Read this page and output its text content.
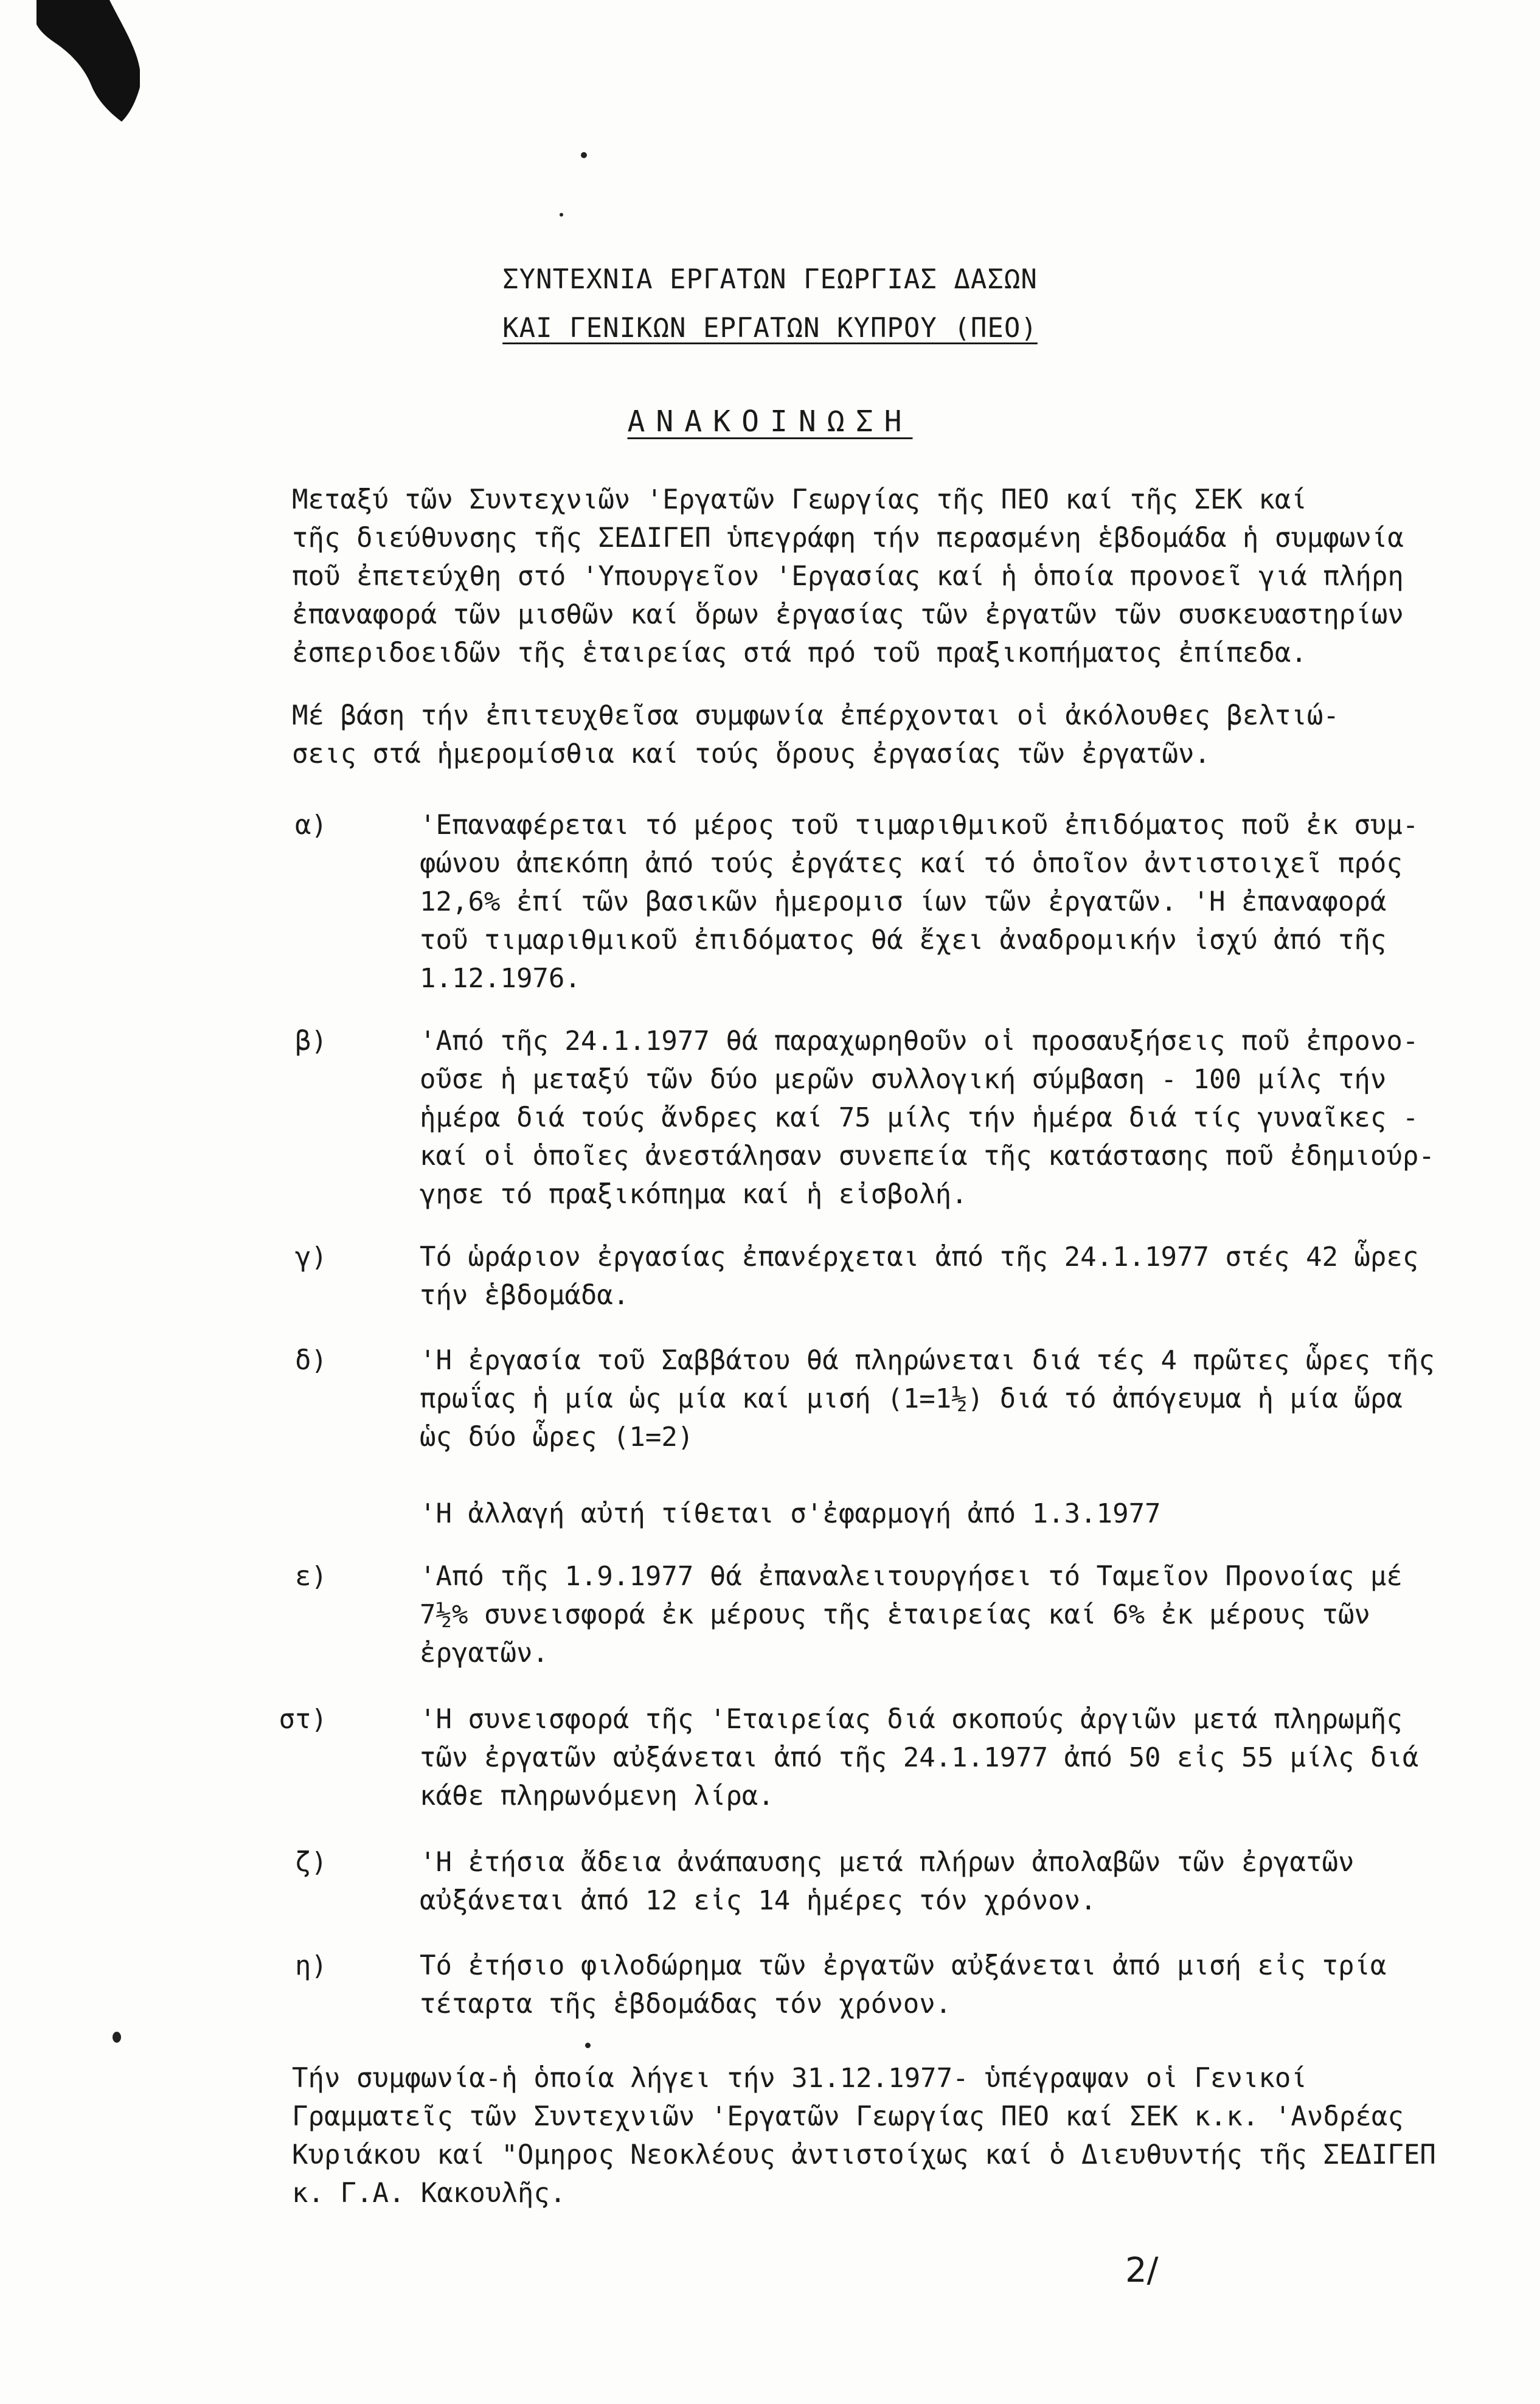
ΣΥΝΤΕΧΝΙΑ ΕΡΓΑΤΩΝ ΓΕΩΡΓΙΑΣ ΔΑΣΩΝ
ΚΑΙ ΓΕΝΙΚΩΝ ΕΡΓΑΤΩΝ ΚΥΠΡΟΥ (ΠΕΟ)
ΑΝΑΚΟΙΝΩΣΗ
Μεταξύ τῶν Συντεχνιῶν 'Εργατῶν Γεωργίας τῆς ΠΕΟ καί τῆς ΣΕΚ καί
τῆς διεύθυνσης τῆς ΣΕΔΙΓΕΠ ὑπεγράφη τήν περασμένη ἑβδομάδα ἡ συμφωνία
ποῦ ἐπετεύχθη στό 'Υπουργεῖον 'Εργασίας καί ἡ ὁποία προνοεῖ γιά πλήρη
ἐπαναφορά τῶν μισθῶν καί ὅρων ἐργασίας τῶν ἐργατῶν τῶν συσκευαστηρίων
ἐσπεριδοειδῶν τῆς ἑταιρείας στά πρό τοῦ πραξικοπήματος ἐπίπεδα.
Μέ βάση τήν ἐπιτευχθεῖσα συμφωνία ἐπέρχονται οἱ ἀκόλουθες βελτιώ-
σεις στά ἡμερομίσθια καί τούς ὅρους ἐργασίας τῶν ἐργατῶν.
α)	'Επαναφέρεται τό μέρος τοῦ τιμαριθμικοῦ ἐπιδόματος ποῦ ἐκ συμ-
φώνου ἀπεκόπη ἀπό τούς ἐργάτες καί τό ὁποῖον ἀντιστοιχεῖ πρός
12,6% ἐπί τῶν βασικῶν ἡμερομισ ίων τῶν ἐργατῶν. 'Η ἐπαναφορά
τοῦ τιμαριθμικοῦ ἐπιδόματος θά ἔχει ἀναδρομικήν ἰσχύ ἀπό τῆς
1.12.1976.
β)	'Από τῆς 24.1.1977 θά παραχωρηθοῦν οἱ προσαυξήσεις ποῦ ἐπρονο-
οῦσε ἡ μεταξύ τῶν δύο μερῶν συλλογική σύμβαση - 100 μίλς τήν
ἡμέρα διά τούς ἄνδρες καί 75 μίλς τήν ἡμέρα διά τίς γυναῖκες -
καί οἱ ὁποῖες ἀνεστάλησαν συνεπεία τῆς κατάστασης ποῦ ἐδημιούρ-
γησε τό πραξικόπημα καί ἡ εἰσβολή.
γ)	Τό ὡράριον ἐργασίας ἐπανέρχεται ἀπό τῆς 24.1.1977 στές 42 ὧρες
τήν ἑβδομάδα.
δ)	'Η ἐργασία τοῦ Σαββάτου θά πληρώνεται διά τές 4 πρῶτες ὧρες τῆς
πρωΐας ἡ μία ὡς μία καί μισή (1=1½) διά τό ἀπόγευμα ἡ μία ὥρα
ὡς δύο ὧρες (1=2)

'Η ἀλλαγή αὐτή τίθεται σ'ἐφαρμογή ἀπό 1.3.1977
ε)	'Από τῆς 1.9.1977 θά ἐπαναλειτουργήσει τό Ταμεῖον Προνοίας μέ
7½% συνεισφορά ἐκ μέρους τῆς ἑταιρείας καί 6% ἐκ μέρους τῶν
ἐργατῶν.
στ)	'Η συνεισφορά τῆς 'Εταιρείας διά σκοπούς ἀργιῶν μετά πληρωμῆς
τῶν ἐργατῶν αὐξάνεται ἀπό τῆς 24.1.1977 ἀπό 50 εἰς 55 μίλς διά
κάθε πληρωνόμενη λίρα.
ζ)	'Η ἐτήσια ἄδεια ἀνάπαυσης μετά πλήρων ἀπολαβῶν τῶν ἐργατῶν
αὐξάνεται ἀπό 12 εἰς 14 ἡμέρες τόν χρόνον.
η)	Τό ἐτήσιο φιλοδώρημα τῶν ἐργατῶν αὐξάνεται ἀπό μισή εἰς τρία
τέταρτα τῆς ἑβδομάδας τόν χρόνον.
Τήν συμφωνία-ἡ ὁποία λήγει τήν 31.12.1977- ὑπέγραψαν οἱ Γενικοί
Γραμματεῖς τῶν Συντεχνιῶν 'Εργατῶν Γεωργίας ΠΕΟ καί ΣΕΚ κ.κ. 'Ανδρέας
Κυριάκου καί "Ομηρος Νεοκλέους ἀντιστοίχως καί ὁ Διευθυντής τῆς ΣΕΔΙΓΕΠ
κ. Γ.Α. Κακουλῆς.
2/
